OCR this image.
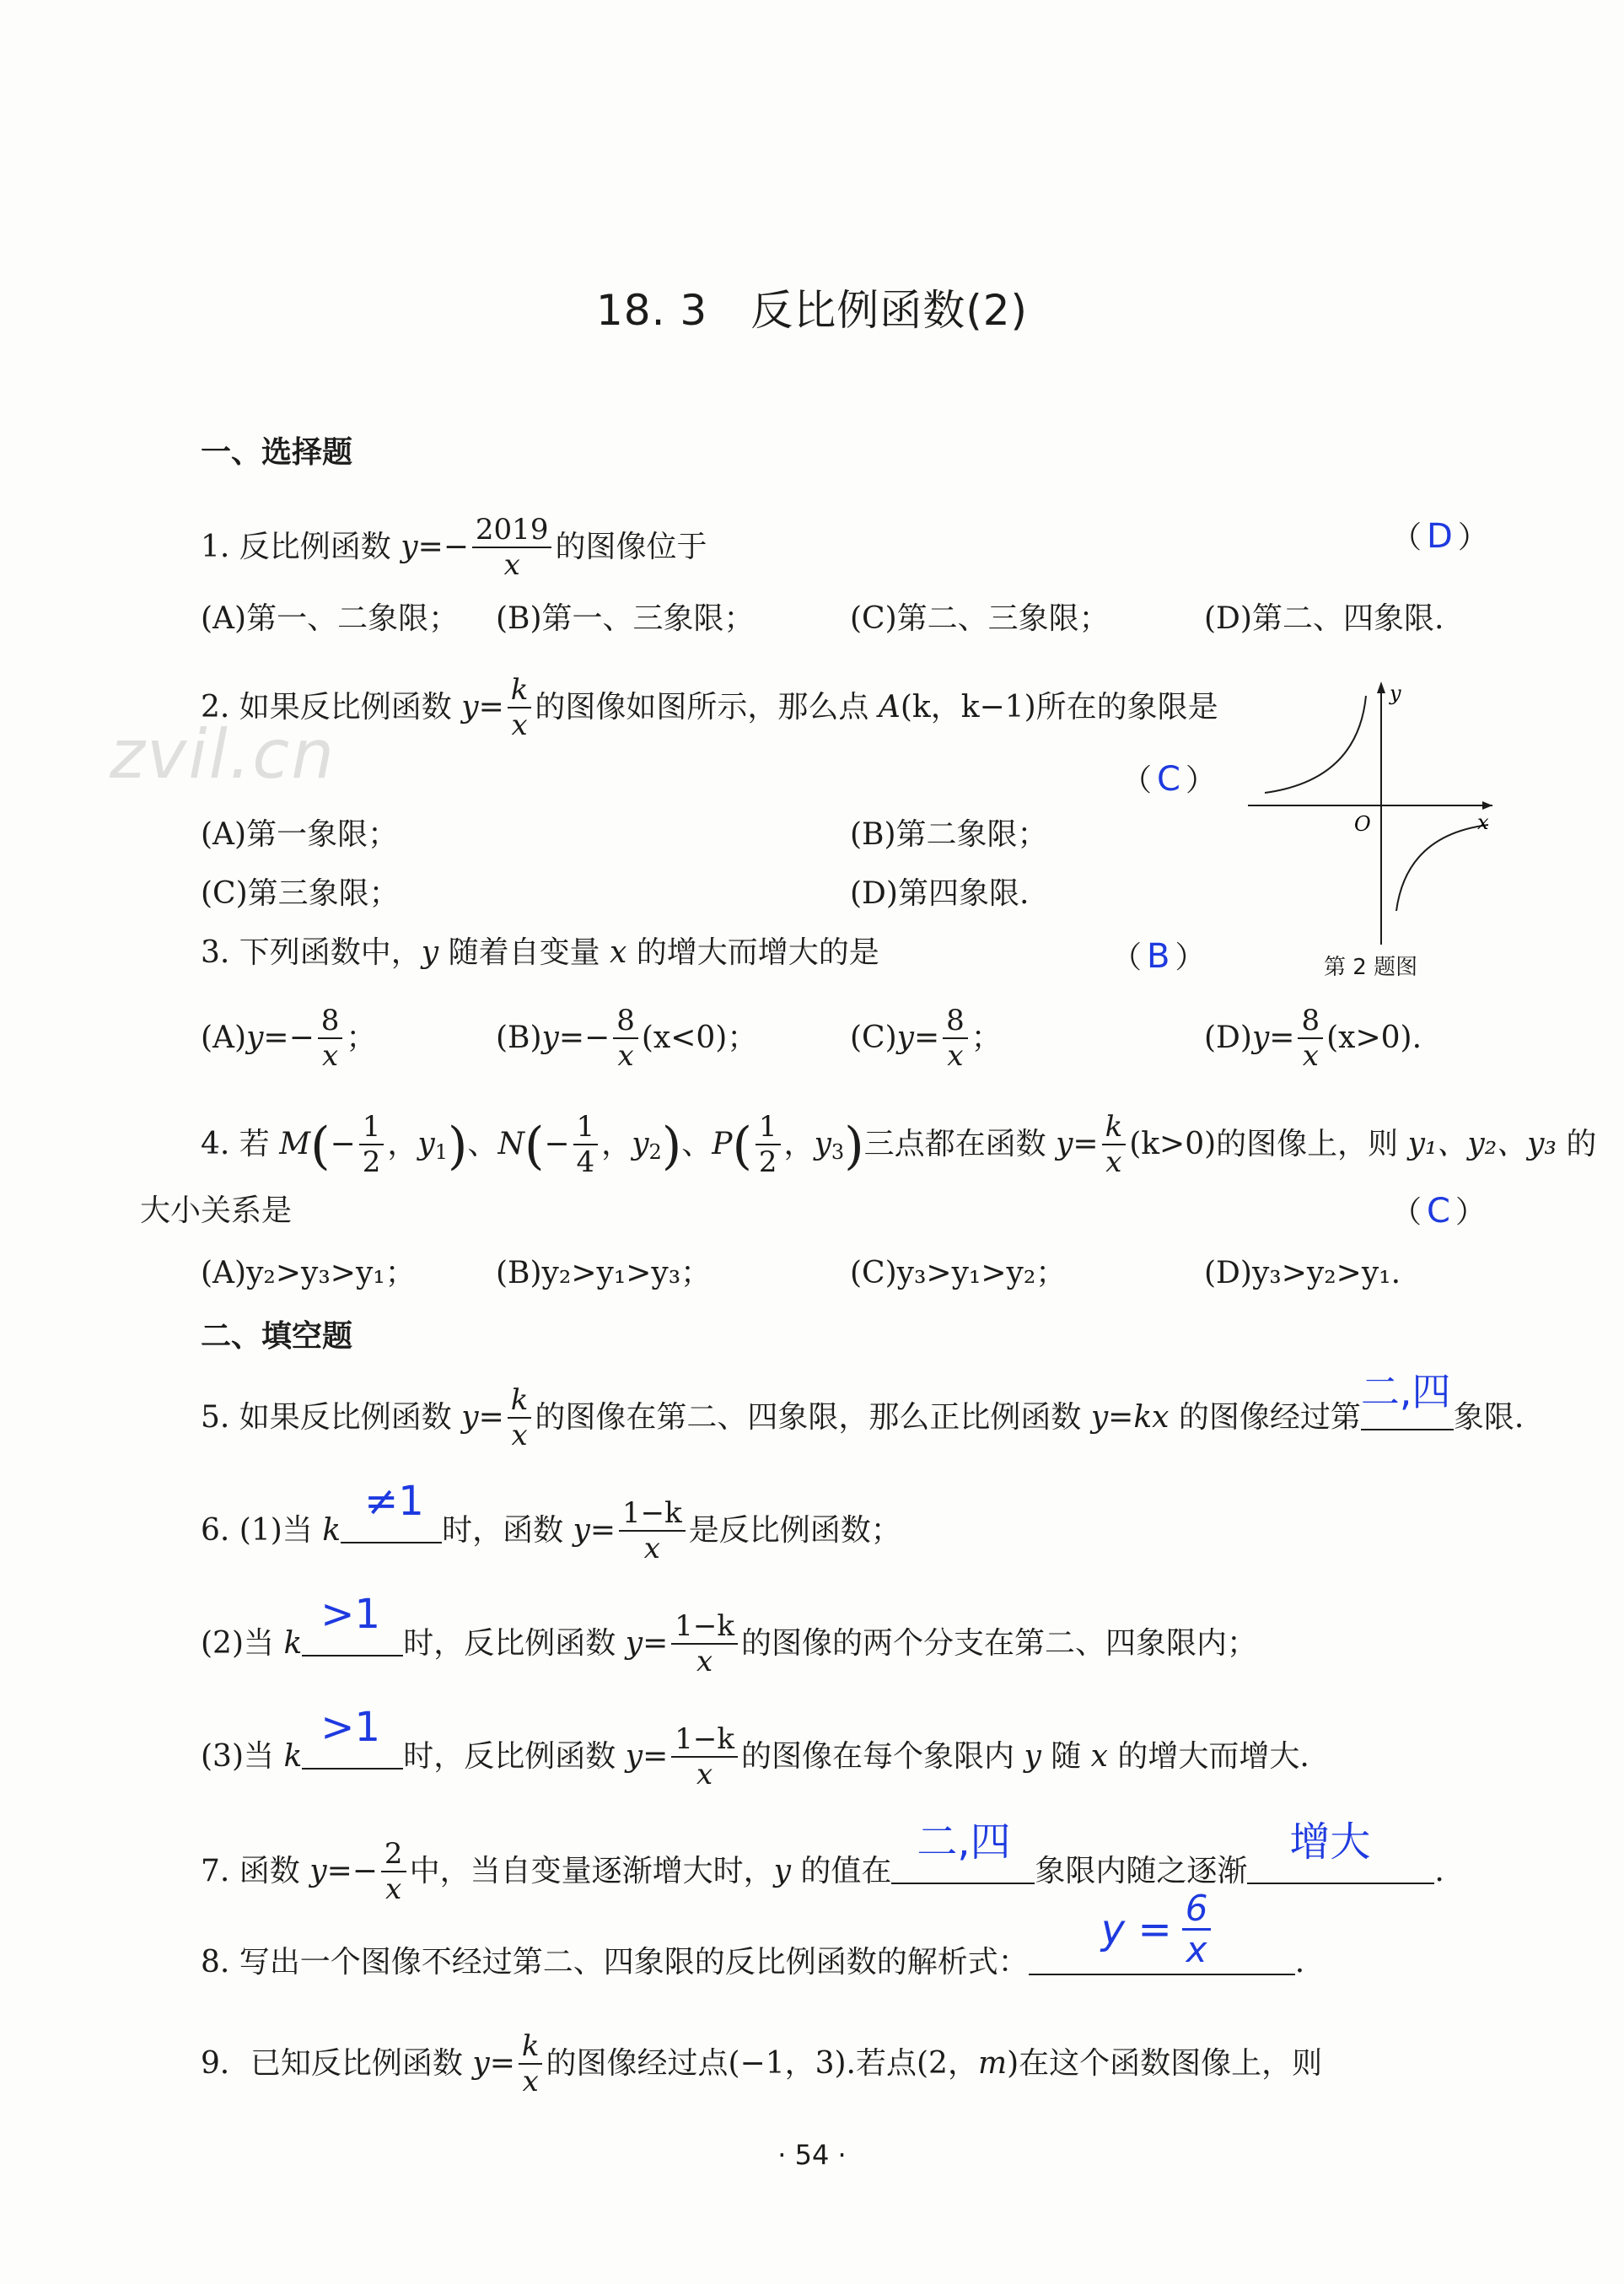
18. 3　反比例函数(2)
zvil.cn
一、选择题
1. 反比例函数 $y=- \frac{2019}{x}$ 的图像位于	（ D ）
(A)第一、二象限； (B)第一、三象限；	(C)第二、三象限；	(D)第二、四象限.
2. 如果反比例函数 $y= \frac{k}{x}$ 的图像如图所示，那么点 A(k，k−1)所在的象限是
（ C ）
(A)第一象限；	(B)第二象限；
(C)第三象限；	(D)第四象限.
y
x
O
第 2 题图
3. 下列函数中，y 随着自变量 x 的增大而增大的是	（ B ）
$(A)y=- \frac{8}{x}$ ；	$(B)y=- \frac{8}{x} (x<0)$；	$(C)y= \frac{8}{x}$ ；	$(D)y= \frac{8}{x} (x>0)$.
4. 若 $M(- \frac{1}{2}$ ，$y_1$)、$N(- \frac{1}{4}$ ，$y_2$)、$P( \frac{1}{2}$ ，$y_3$)三点都在函数 $y= \frac{k}{x} (k>0)$的图像上，则 y₁、y₂、y₃ 的
大小关系是	（ C ）
(A)y₂>y₃>y₁；	(B)y₂>y₁>y₃；	(C)y₃>y₁>y₂；	(D)y₃>y₂>y₁.
二、填空题
5. 如果反比例函数 $y= \frac{k}{x}$ 的图像在第二、四象限，那么正比例函数 y=kx 的图像经过第
二,四
象限.
6. (1)当 k
≠1
时，函数 $y= \frac{1-k}{x}$ 是反比例函数；
(2)当 k
>1
时，反比例函数 $y= \frac{1-k}{x}$ 的图像的两个分支在第二、四象限内；
(3)当 k
>1
时，反比例函数 $y= \frac{1-k}{x}$ 的图像在每个象限内 y 随 x 的增大而增大.
7. 函数 $y=- \frac{2}{x}$ 中，当自变量逐渐增大时，y 的值在
二,四
象限内随之逐渐
增大
.
8. 写出一个图像不经过第二、四象限的反比例函数的解析式：
$y = \frac{6}{x}$	.
9．已知反比例函数 $y= \frac{k}{x}$ 的图像经过点(−1，3).若点(2，m)在这个函数图像上，则
· 54 ·
